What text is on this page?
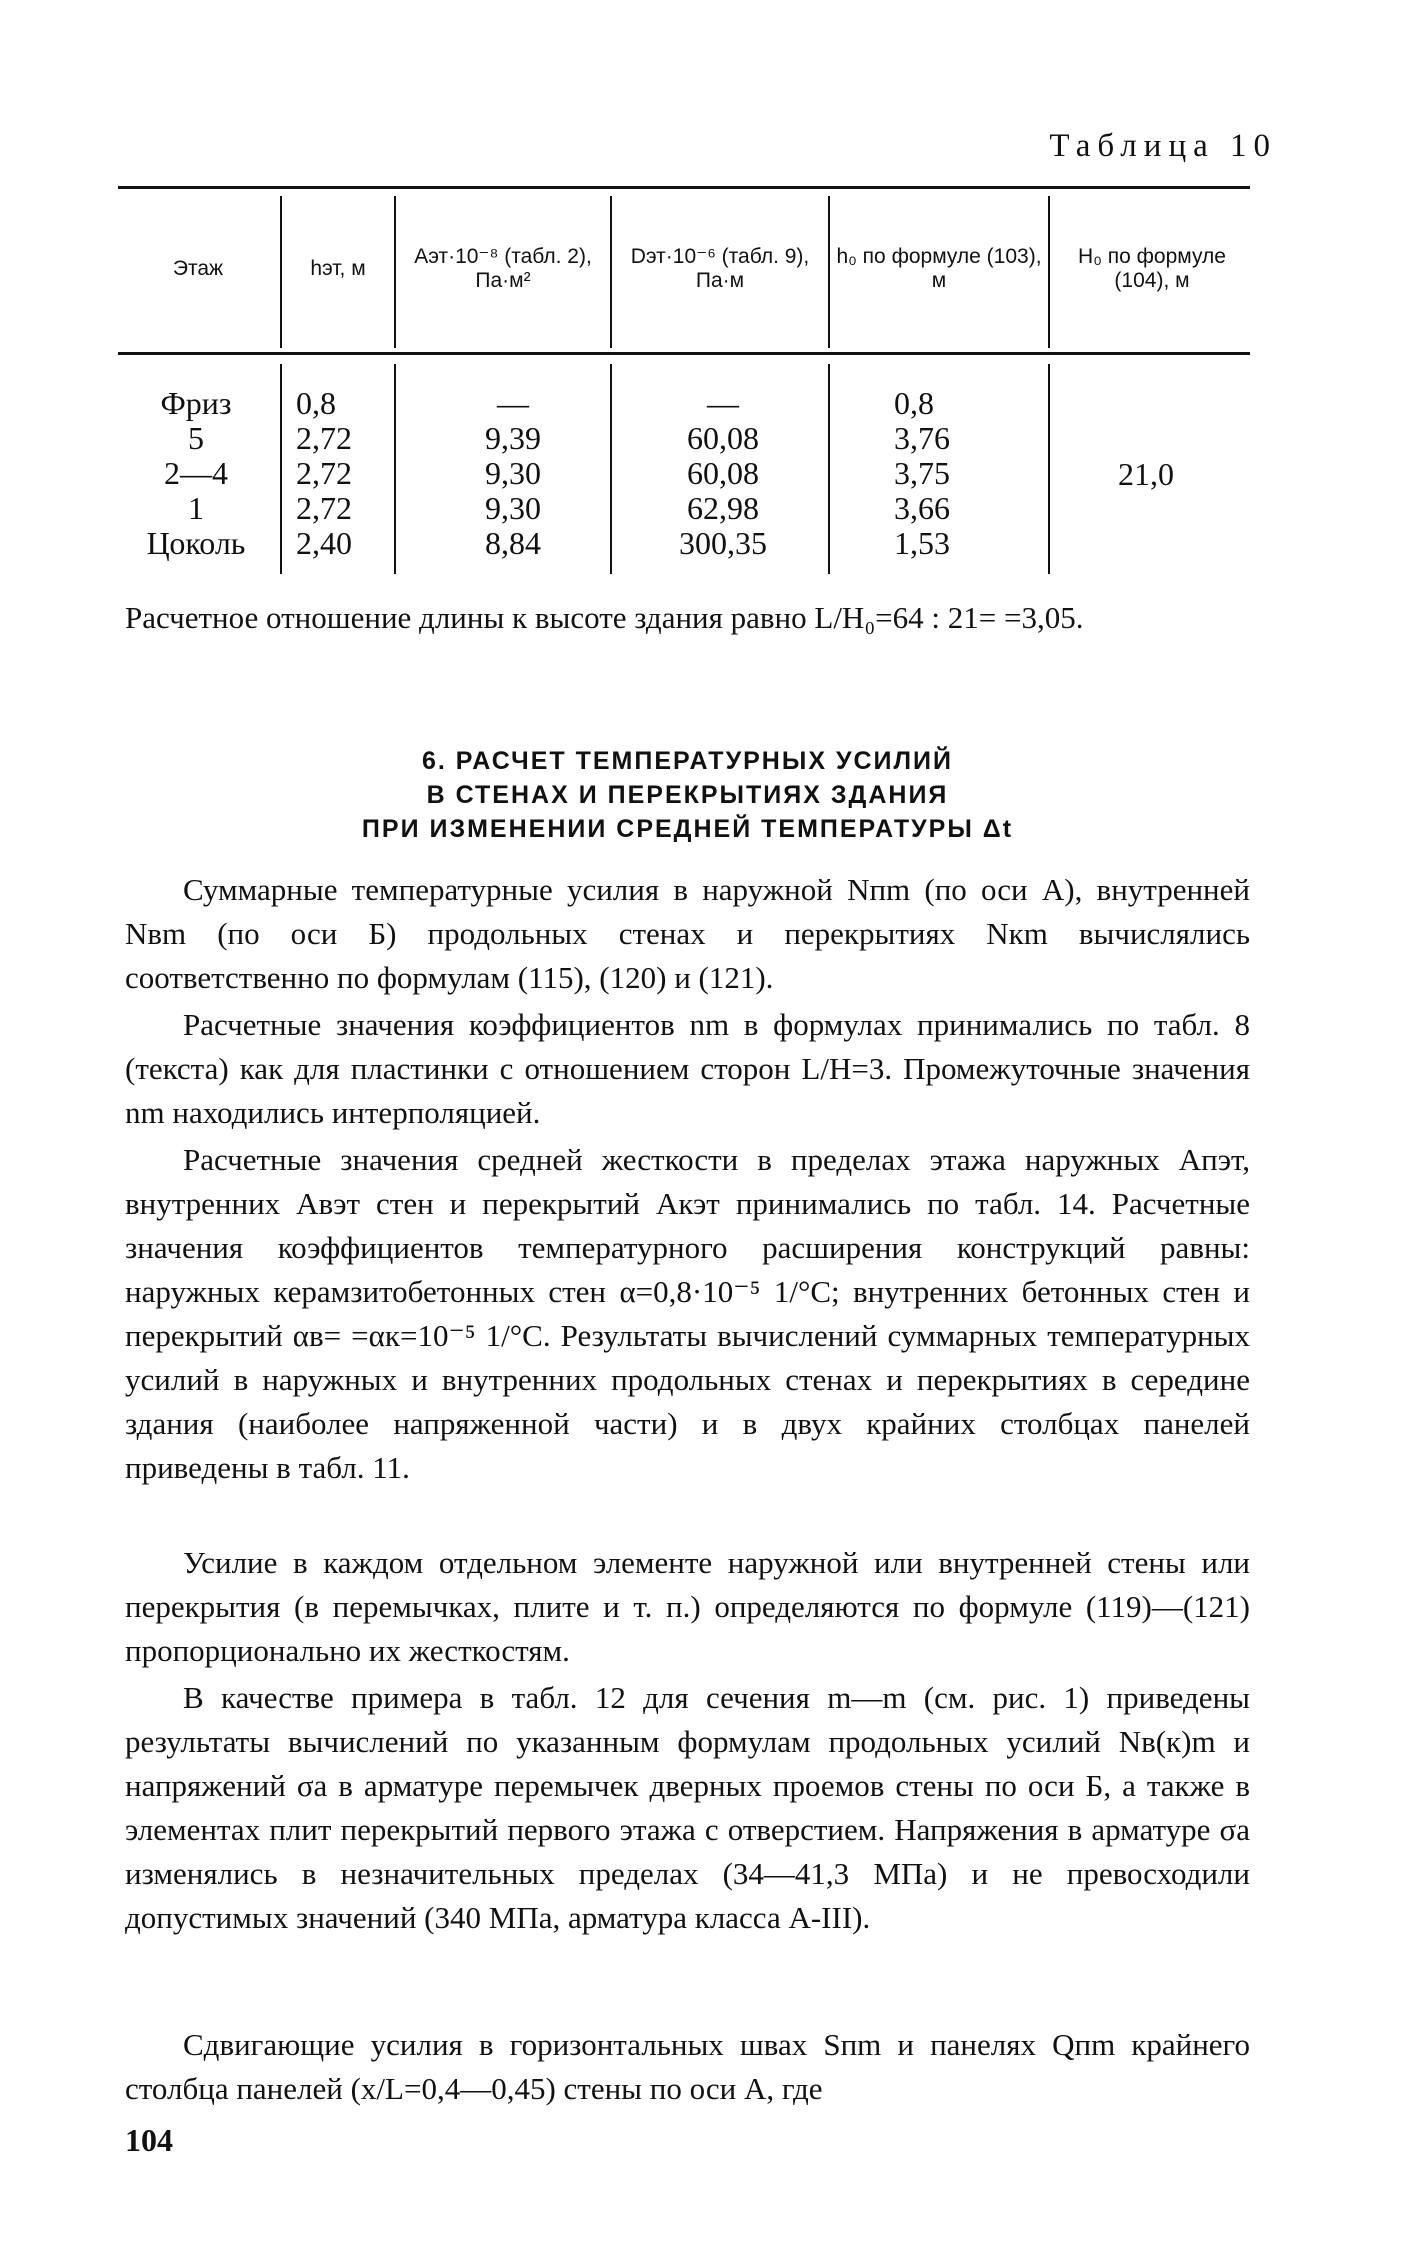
Таблица 10
Этаж	hэт, м
Aэт·10⁻⁸ (табл. 2), Па·м²
Dэт·10⁻⁶ (табл. 9), Па·м
h₀ по формуле (103), м
H₀ по формуле (104), м
Фриз
5
2—4
1
Цоколь
0,8
2,72
2,72
2,72
2,40
—
9,39
9,30
9,30
8,84
—
60,08
60,08
62,98
300,35
0,8
3,76
3,75
3,66
1,53
21,0
Расчетное отношение длины к высоте здания равно L/H₀=64 : 21= =3,05.
6. РАСЧЕТ ТЕМПЕРАТУРНЫХ УСИЛИЙ
В СТЕНАХ И ПЕРЕКРЫТИЯХ ЗДАНИЯ
ПРИ ИЗМЕНЕНИИ СРЕДНЕЙ ТЕМПЕРАТУРЫ Δt
Суммарные температурные усилия в наружной Nпm (по оси А), внутренней Nвm (по оси Б) продольных стенах и перекрытиях Nкm вычислялись соответственно по формулам (115), (120) и (121).
Расчетные значения коэффициентов nm в формулах принимались по табл. 8 (текста) как для пластинки с отношением сторон L/H=3. Промежуточные значения nm находились интерполяцией.
Расчетные значения средней жесткости в пределах этажа наружных Aпэт, внутренних Aвэт стен и перекрытий Aкэт принимались по табл. 14. Расчетные значения коэффициентов температурного расширения конструкций равны: наружных керамзитобетонных стен α=0,8·10⁻⁵ 1/°С; внутренних бетонных стен и перекрытий αв= =αк=10⁻⁵ 1/°С. Результаты вычислений суммарных температурных усилий в наружных и внутренних продольных стенах и перекрытиях в середине здания (наиболее напряженной части) и в двух крайних столбцах панелей приведены в табл. 11.
Усилие в каждом отдельном элементе наружной или внутренней стены или перекрытия (в перемычках, плите и т. п.) определяются по формуле (119)—(121) пропорционально их жесткостям.
В качестве примера в табл. 12 для сечения m—m (см. рис. 1) приведены результаты вычислений по указанным формулам продольных усилий Nв(к)m и напряжений σа в арматуре перемычек дверных проемов стены по оси Б, а также в элементах плит перекрытий первого этажа с отверстием. Напряжения в арматуре σа изменялись в незначительных пределах (34—41,3 МПа) и не превосходили допустимых значений (340 МПа, арматура класса А-III).
Сдвигающие усилия в горизонтальных швах Sпm и панелях Qпm крайнего столбца панелей (x/L=0,4—0,45) стены по оси А, где
104
